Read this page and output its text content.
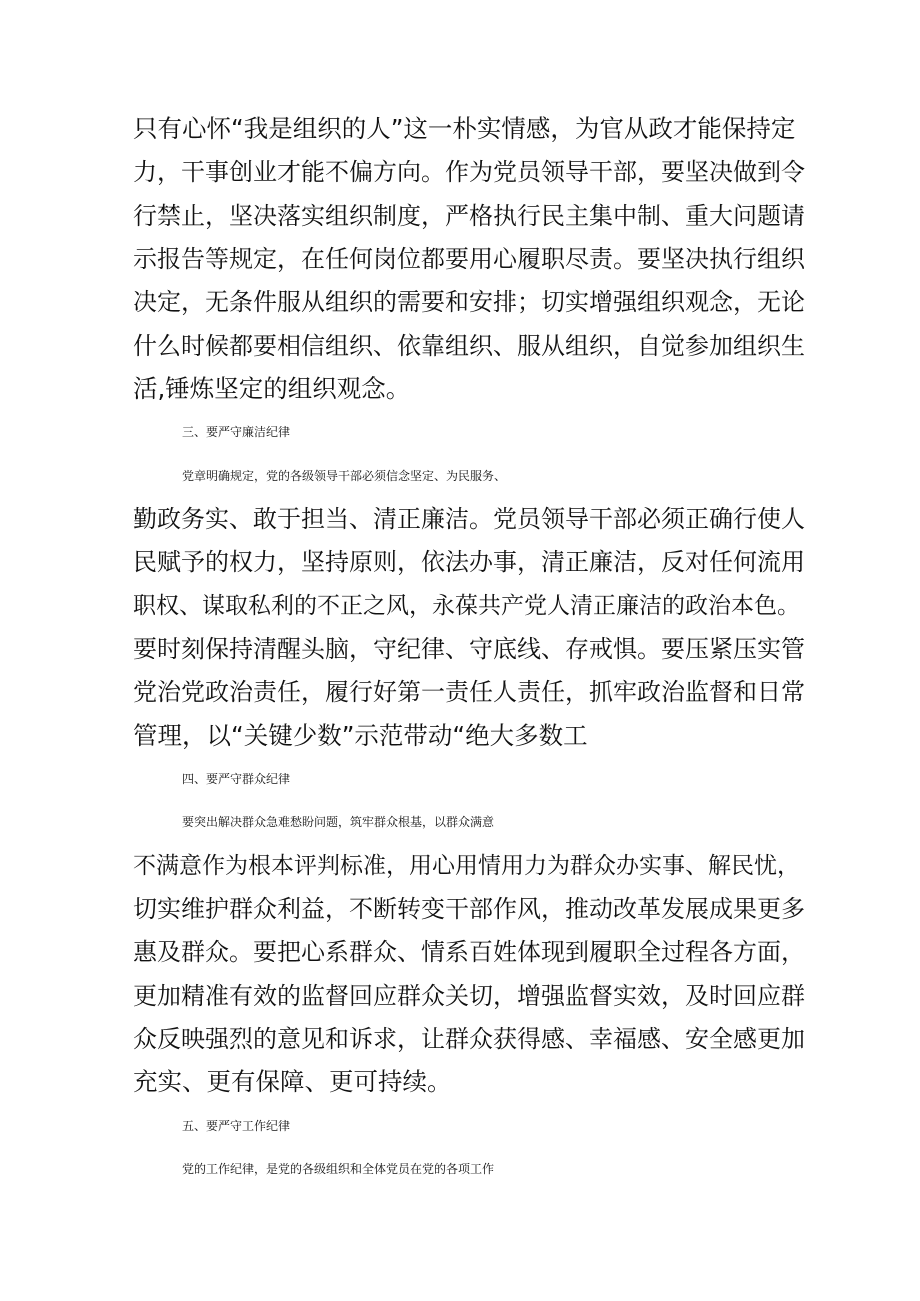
只有心怀“我是组织的人”这一朴实情感，为官从政才能保持定
力，干事创业才能不偏方向。作为党员领导干部，要坚决做到令
行禁止，坚决落实组织制度，严格执行民主集中制、重大问题请
示报告等规定，在任何岗位都要用心履职尽责。要坚决执行组织
决定，无条件服从组织的需要和安排；切实增强组织观念，无论
什么时候都要相信组织、依靠组织、服从组织，自觉参加组织生
活,锤炼坚定的组织观念。
三、要严守廉洁纪律
党章明确规定，党的各级领导干部必须信念坚定、为民服务、
勤政务实、敢于担当、清正廉洁。党员领导干部必须正确行使人
民赋予的权力，坚持原则，依法办事，清正廉洁，反对任何流用
职权、谋取私利的不正之风，永葆共产党人清正廉洁的政治本色。
要时刻保持清醒头脑，守纪律、守底线、存戒惧。要压紧压实管
党治党政治责任，履行好第一责任人责任，抓牢政治监督和日常
管理，以“关键少数”示范带动“绝大多数工
四、要严守群众纪律
要突出解决群众急难愁盼问题，筑牢群众根基，以群众满意
不满意作为根本评判标准，用心用情用力为群众办实事、解民忧，
切实维护群众利益，不断转变干部作风，推动改革发展成果更多
惠及群众。要把心系群众、情系百姓体现到履职全过程各方面，
更加精准有效的监督回应群众关切，增强监督实效，及时回应群
众反映强烈的意见和诉求，让群众获得感、幸福感、安全感更加
充实、更有保障、更可持续。
五、要严守工作纪律
党的工作纪律，是党的各级组织和全体党员在党的各项工作
